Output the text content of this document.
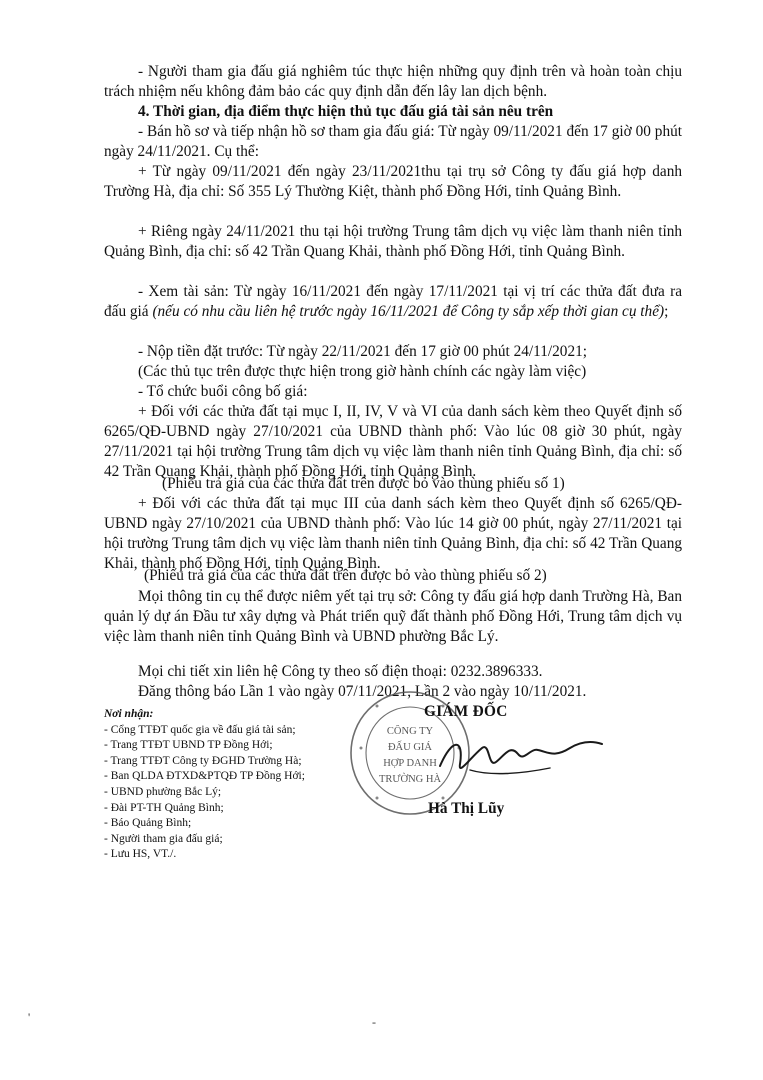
- Người tham gia đấu giá nghiêm túc thực hiện những quy định trên và hoàn toàn chịu trách nhiệm nếu không đảm bảo các quy định dẫn đến lây lan dịch bệnh.
4. Thời gian, địa điểm thực hiện thủ tục đấu giá tài sản nêu trên
- Bán hồ sơ và tiếp nhận hồ sơ tham gia đấu giá: Từ ngày 09/11/2021 đến 17 giờ 00 phút ngày 24/11/2021. Cụ thể:
+ Từ ngày 09/11/2021 đến ngày 23/11/2021thu tại trụ sở Công ty đấu giá hợp danh Trường Hà, địa chỉ: Số 355 Lý Thường Kiệt, thành phố Đồng Hới, tỉnh Quảng Bình.
+ Riêng ngày 24/11/2021 thu tại hội trường Trung tâm dịch vụ việc làm thanh niên tỉnh Quảng Bình, địa chỉ: số 42 Trần Quang Khải, thành phố Đồng Hới, tỉnh Quảng Bình.
- Xem tài sản: Từ ngày 16/11/2021 đến ngày 17/11/2021 tại vị trí các thửa đất đưa ra đấu giá (nếu có nhu cầu liên hệ trước ngày 16/11/2021 để Công ty sắp xếp thời gian cụ thể);
- Nộp tiền đặt trước: Từ ngày 22/11/2021 đến 17 giờ 00 phút 24/11/2021;
(Các thủ tục trên được thực hiện trong giờ hành chính các ngày làm việc)
- Tổ chức buổi công bố giá:
+ Đối với các thửa đất tại mục I, II, IV, V và VI của danh sách kèm theo Quyết định số 6265/QĐ-UBND ngày 27/10/2021 của UBND thành phố: Vào lúc 08 giờ 30 phút, ngày 27/11/2021 tại hội trường Trung tâm dịch vụ việc làm thanh niên tỉnh Quảng Bình, địa chỉ: số 42 Trần Quang Khải, thành phố Đồng Hới, tỉnh Quảng Bình.
(Phiếu trả giá của các thửa đất trên được bỏ vào thùng phiếu số 1)
+ Đối với các thửa đất tại mục III của danh sách kèm theo Quyết định số 6265/QĐ-UBND ngày 27/10/2021 của UBND thành phố: Vào lúc 14 giờ 00 phút, ngày 27/11/2021 tại hội trường Trung tâm dịch vụ việc làm thanh niên tỉnh Quảng Bình, địa chỉ: số 42 Trần Quang Khải, thành phố Đồng Hới, tỉnh Quảng Bình.
(Phiếu trả giá của các thửa đất trên được bỏ vào thùng phiếu số 2)
Mọi thông tin cụ thể được niêm yết tại trụ sở: Công ty đấu giá hợp danh Trường Hà, Ban quản lý dự án Đầu tư xây dựng và Phát triển quỹ đất thành phố Đồng Hới, Trung tâm dịch vụ việc làm thanh niên tỉnh Quảng Bình và UBND phường Bắc Lý.
Mọi chi tiết xin liên hệ Công ty theo số điện thoại: 0232.3896333.
Đăng thông báo Lần 1 vào ngày 07/11/2021, Lần 2 vào ngày 10/11/2021.
Nơi nhận:
- Cổng TTĐT quốc gia về đấu giá tài sản;
- Trang TTĐT UBND TP Đồng Hới;
- Trang TTĐT Công ty ĐGHD Trường Hà;
- Ban QLDA ĐTXD&PTQĐ TP Đồng Hới;
- UBND phường Bắc Lý;
- Đài PT-TH Quảng Bình;
- Báo Quảng Bình;
- Người tham gia đấu giá;
- Lưu HS, VT./.
CÔNG TY
ĐẤU GIÁ
HỢP DANH
TRƯỜNG HÀ
GIÁM ĐỐC
Hà Thị Lũy
'	-
